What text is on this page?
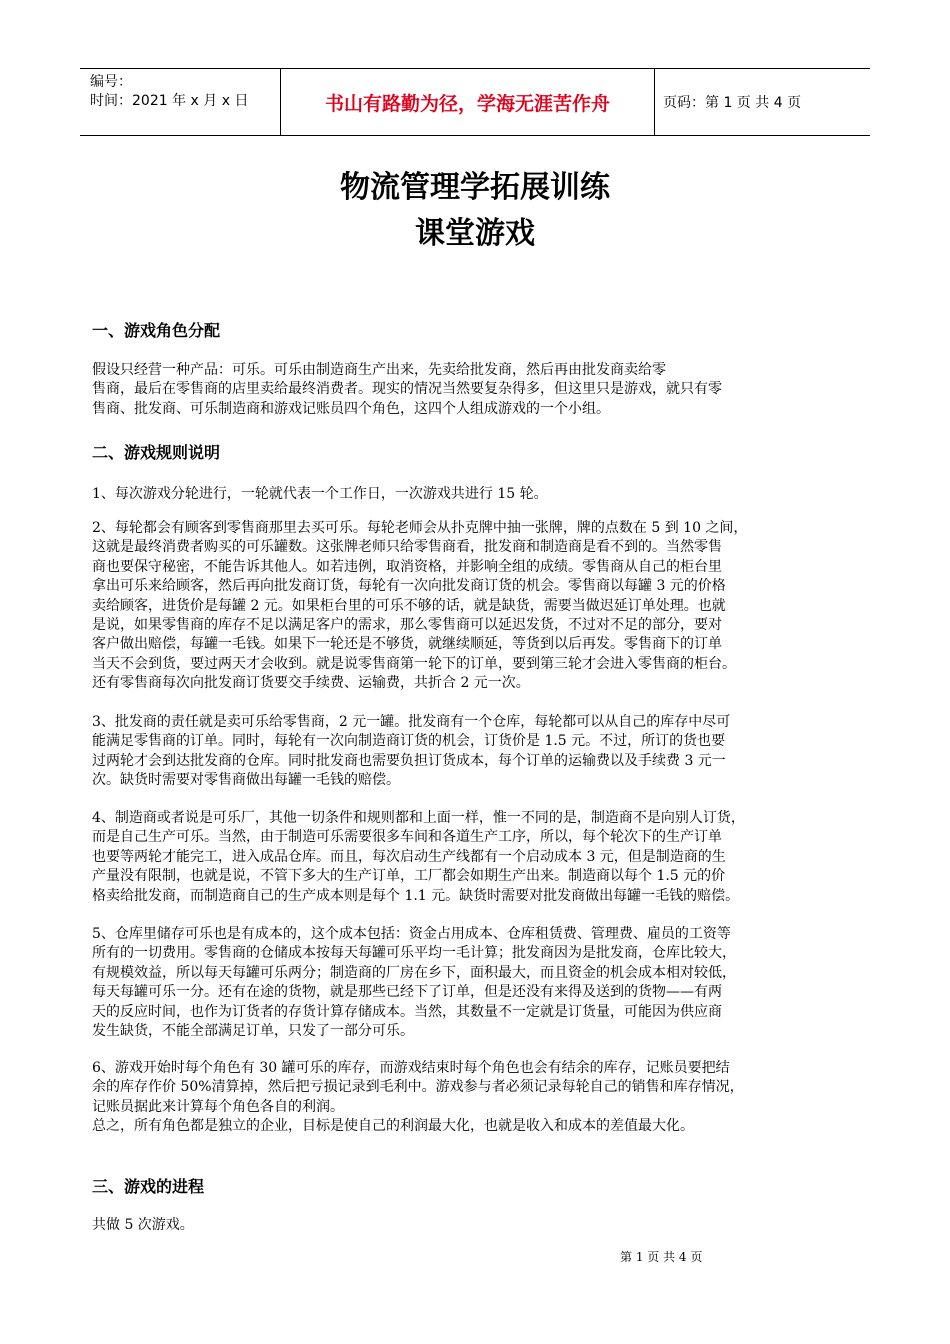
编号：
时间：2021 年 x 月 x 日	书山有路勤为径，学海无涯苦作舟	页码：第 1 页 共 4 页
物流管理学拓展训练
课堂游戏
一、游戏角色分配
假设只经营一种产品：可乐。可乐由制造商生产出来，先卖给批发商，然后再由批发商卖给零
售商，最后在零售商的店里卖给最终消费者。现实的情况当然要复杂得多，但这里只是游戏，就只有零
售商、批发商、可乐制造商和游戏记账员四个角色，这四个人组成游戏的一个小组。
二、游戏规则说明
1、每次游戏分轮进行，一轮就代表一个工作日，一次游戏共进行 15 轮。
2、每轮都会有顾客到零售商那里去买可乐。每轮老师会从扑克牌中抽一张牌，牌的点数在 5 到 10 之间，
这就是最终消费者购买的可乐罐数。这张牌老师只给零售商看，批发商和制造商是看不到的。当然零售
商也要保守秘密，不能告诉其他人。如若违例，取消资格，并影响全组的成绩。零售商从自己的柜台里
拿出可乐来给顾客，然后再向批发商订货，每轮有一次向批发商订货的机会。零售商以每罐 3 元的价格
卖给顾客，进货价是每罐 2 元。如果柜台里的可乐不够的话，就是缺货，需要当做迟延订单处理。也就
是说，如果零售商的库存不足以满足客户的需求，那么零售商可以延迟发货，不过对不足的部分，要对
客户做出赔偿，每罐一毛钱。如果下一轮还是不够货，就继续顺延，等货到以后再发。零售商下的订单
当天不会到货，要过两天才会收到。就是说零售商第一轮下的订单，要到第三轮才会进入零售商的柜台。
还有零售商每次向批发商订货要交手续费、运输费，共折合 2 元一次。
3、批发商的责任就是卖可乐给零售商，2 元一罐。批发商有一个仓库，每轮都可以从自己的库存中尽可
能满足零售商的订单。同时，每轮有一次向制造商订货的机会，订货价是 1.5 元。不过，所订的货也要
过两轮才会到达批发商的仓库。同时批发商也需要负担订货成本，每个订单的运输费以及手续费 3 元一
次。缺货时需要对零售商做出每罐一毛钱的赔偿。
4、制造商或者说是可乐厂，其他一切条件和规则都和上面一样，惟一不同的是，制造商不是向别人订货，
而是自己生产可乐。当然，由于制造可乐需要很多车间和各道生产工序，所以，每个轮次下的生产订单
也要等两轮才能完工，进入成品仓库。而且，每次启动生产线都有一个启动成本 3 元，但是制造商的生
产量没有限制，也就是说，不管下多大的生产订单，工厂都会如期生产出来。制造商以每个 1.5 元的价
格卖给批发商，而制造商自己的生产成本则是每个 1.1 元。缺货时需要对批发商做出每罐一毛钱的赔偿。
5、仓库里储存可乐也是有成本的，这个成本包括：资金占用成本、仓库租赁费、管理费、雇员的工资等
所有的一切费用。零售商的仓储成本按每天每罐可乐平均一毛计算；批发商因为是批发商，仓库比较大，
有规模效益，所以每天每罐可乐两分；制造商的厂房在乡下，面积最大，而且资金的机会成本相对较低，
每天每罐可乐一分。还有在途的货物，就是那些已经下了订单，但是还没有来得及送到的货物——有两
天的反应时间，也作为订货者的存货计算存储成本。当然，其数量不一定就是订货量，可能因为供应商
发生缺货，不能全部满足订单，只发了一部分可乐。
6、游戏开始时每个角色有 30 罐可乐的库存，而游戏结束时每个角色也会有结余的库存，记账员要把结
余的库存作价 50%清算掉，然后把亏损记录到毛利中。游戏参与者必须记录每轮自己的销售和库存情况，
记账员据此来计算每个角色各自的利润。
总之，所有角色都是独立的企业，目标是使自己的利润最大化，也就是收入和成本的差值最大化。
三、游戏的进程
共做 5 次游戏。
第 1 页 共 4 页
